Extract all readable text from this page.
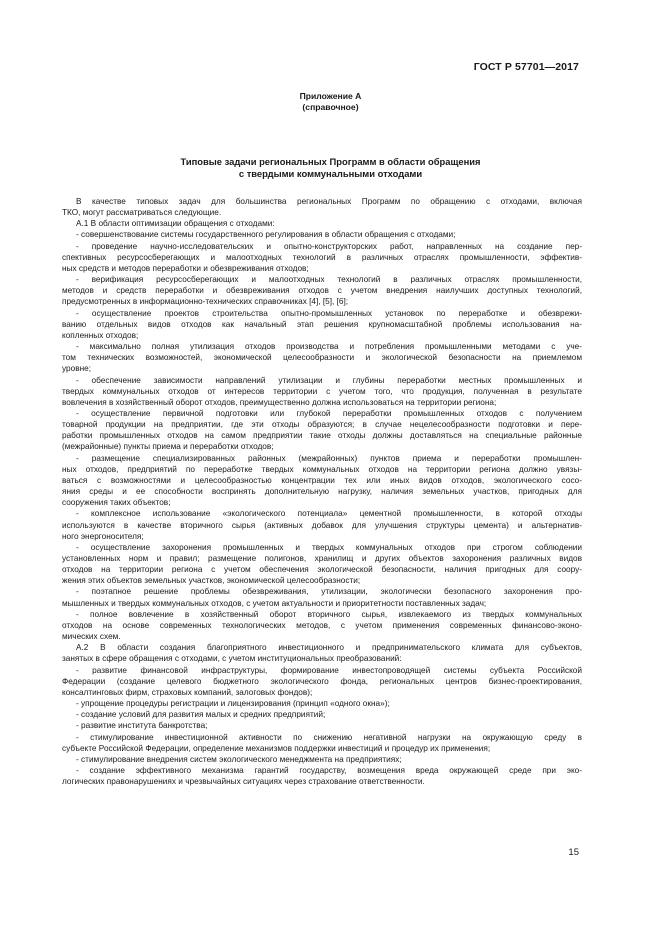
ГОСТ Р 57701—2017
Приложение А
(справочное)
Типовые задачи региональных Программ в области обращения
с твердыми коммунальными отходами
В качестве типовых задач для большинства региональных Программ по обращению с отходами, включая
ТКО, могут рассматриваться следующие.
А.1 В области оптимизации обращения с отходами:
- совершенствование системы государственного регулирования в области обращения с отходами;
- проведение научно-исследовательских и опытно-конструкторских работ, направленных на создание пер-
спективных ресурсосберегающих и малоотходных технологий в различных отраслях промышленности, эффектив-
ных средств и методов переработки и обезвреживания отходов;
- верификация ресурсосберегающих и малоотходных технологий в различных отраслях промышленности,
методов и средств переработки и обезвреживания отходов с учетом внедрения наилучших доступных технологий,
предусмотренных в информационно-технических справочниках [4], [5], [6];
- осуществление проектов строительства опытно-промышленных установок по переработке и обезврежи-
ванию отдельных видов отходов как начальный этап решения крупномасштабной проблемы использования на-
копленных отходов;
- максимально полная утилизация отходов производства и потребления промышленными методами с уче-
том технических возможностей, экономической целесообразности и экологической безопасности на приемлемом
уровне;
- обеспечение зависимости направлений утилизации и глубины переработки местных промышленных и
твердых коммунальных отходов от интересов территории с учетом того, что продукция, полученная в результате
вовлечения в хозяйственный оборот отходов, преимущественно должна использоваться на территории региона;
- осуществление первичной подготовки или глубокой переработки промышленных отходов с получением
товарной продукции на предприятии, где эти отходы образуются; в случае нецелесообразности подготовки и пере-
работки промышленных отходов на самом предприятии такие отходы должны доставляться на специальные районные
(межрайонные) пункты приема и переработки отходов;
- размещение специализированных районных (межрайонных) пунктов приема и переработки промышлен-
ных отходов, предприятий по переработке твердых коммунальных отходов на территории региона должно увязы-
ваться с возможностями и целесообразностью концентрации тех или иных видов отходов, экологического сосо-
яния среды и ее способности воспринять дополнительную нагрузку, наличия земельных участков, пригодных для
сооружения таких объектов;
- комплексное использование «экологического потенциала» цементной промышленности, в которой отходы
используются в качестве вторичного сырья (активных добавок для улучшения структуры цемента) и альтернатив-
ного энергоносителя;
- осуществление захоронения промышленных и твердых коммунальных отходов при строгом соблюдении
установленных норм и правил; размещение полигонов, хранилищ и других объектов захоронения различных видов
отходов на территории региона с учетом обеспечения экологической безопасности, наличия пригодных для соору-
жения этих объектов земельных участков, экономической целесообразности;
- поэтапное решение проблемы обезвреживания, утилизации, экологически безопасного захоронения про-
мышленных и твердых коммунальных отходов, с учетом актуальности и приоритетности поставленных задач;
- полное вовлечение в хозяйственный оборот вторичного сырья, извлекаемого из твердых коммунальных
отходов на основе современных технологических методов, с учетом применения современных финансово-эконо-
мических схем.
А.2 В области создания благоприятного инвестиционного и предпринимательского климата для субъектов,
занятых в сфере обращения с отходами, с учетом институциональных преобразований:
- развитие финансовой инфраструктуры, формирование инвестопроводящей системы субъекта Российской
Федерации (создание целевого бюджетного экологического фонда, региональных центров бизнес-проектирования,
консалтинговых фирм, страховых компаний, залоговых фондов);
- упрощение процедуры регистрации и лицензирования (принцип «одного окна»);
- создание условий для развития малых и средних предприятий;
- развитие института банкротства;
- стимулирование инвестиционной активности по снижению негативной нагрузки на окружающую среду в
субъекте Российской Федерации, определение механизмов поддержки инвестиций и процедур их применения;
- стимулирование внедрения систем экологического менеджмента на предприятиях;
- создание эффективного механизма гарантий государству, возмещения вреда окружающей среде при эко-
логических правонарушениях и чрезвычайных ситуациях через страхование ответственности.
15
